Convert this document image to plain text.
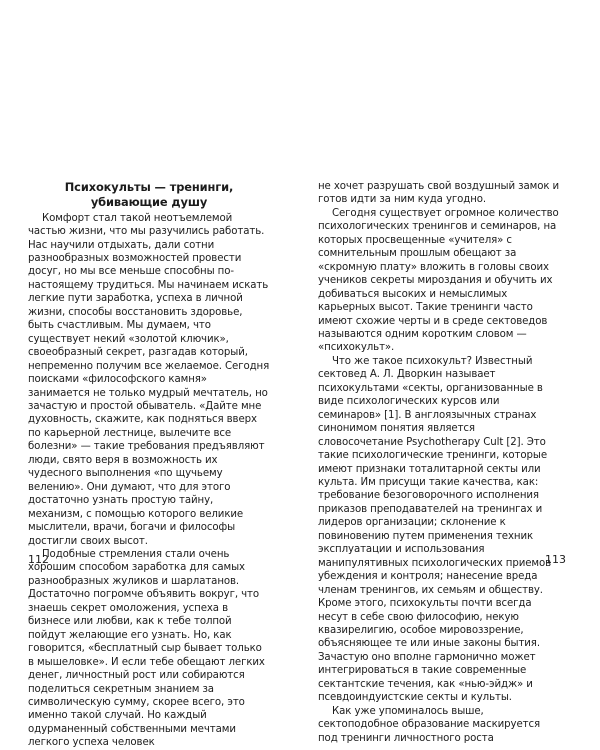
Психокульты — тренинги, убивающие душу

Комфорт стал такой неотъемлемой частью жизни, что мы разучились работать. Нас научили отдыхать, дали сотни разнообразных возможностей провести досуг, но мы все меньше способны по-настоящему трудиться. Мы начинаем искать легкие пути заработка, успеха в личной жизни, способы восстановить здоровье, быть счастливым. Мы думаем, что существует некий «золотой ключик», своеобразный секрет, разгадав который, непременно получим все желаемое. Сегодня поисками «философского камня» занимается не только мудрый мечтатель, но зачастую и простой обыватель. «Дайте мне духовность, скажите, как подняться вверх по карьерной лестнице, вылечите все болезни» — такие требования предъявляют люди, свято веря в возможность их чудесного выполнения «по щучьему велению». Они думают, что для этого достаточно узнать простую тайну, механизм, с помощью которого великие мыслители, врачи, богачи и философы достигли своих высот.

Подобные стремления стали очень хорошим способом заработка для самых разнообразных жуликов и шарлатанов. Достаточно погромче объявить вокруг, что знаешь секрет омоложения, успеха в бизнесе или любви, как к тебе толпой пойдут желающие его узнать. Но, как говорится, «бесплатный сыр бывает только в мышеловке». И если тебе обещают легких денег, личностный рост или собираются поделиться секретным знанием за символическую сумму, скорее всего, это именно такой случай. Но каждый одурманенный собственными мечтами легкого успеха человек

не хочет разрушать свой воздушный замок и готов идти за ним куда угодно.

Сегодня существует огромное количество психологических тренингов и семинаров, на которых просвещенные «учителя» с сомнительным прошлым обещают за «скромную плату» вложить в головы своих учеников секреты мироздания и обучить их добиваться высоких и немыслимых карьерных высот. Такие тренинги часто имеют схожие черты и в среде сектоведов называются одним коротким словом — «психокульт».

Что же такое психокульт? Известный сектовед А. Л. Дворкин называет психокультами «секты, организованные в виде психологических курсов или семинаров» [1]. В англоязычных странах синонимом понятия является словосочетание Psychotherapy Cult [2]. Это такие психологические тренинги, которые имеют признаки тоталитарной секты или культа. Им присущи такие качества, как: требование безоговорочного исполнения приказов преподавателей на тренингах и лидеров организации; склонение к повиновению путем применения техник эксплуатации и использования манипулятивных психологических приемов убеждения и контроля; нанесение вреда членам тренингов, их семьям и обществу. Кроме этого, психокульты почти всегда несут в себе свою философию, некую квазирелигию, особое мировоззрение, объясняющее те или иные законы бытия. Зачастую оно вполне гармонично может интегрироваться в такие современные сектантские течения, как «нью-эйдж» и псевдоиндуистские секты и культы.

Как уже упоминалось выше, сектоподобное образование маскируется под тренинги личностного роста

112	113
